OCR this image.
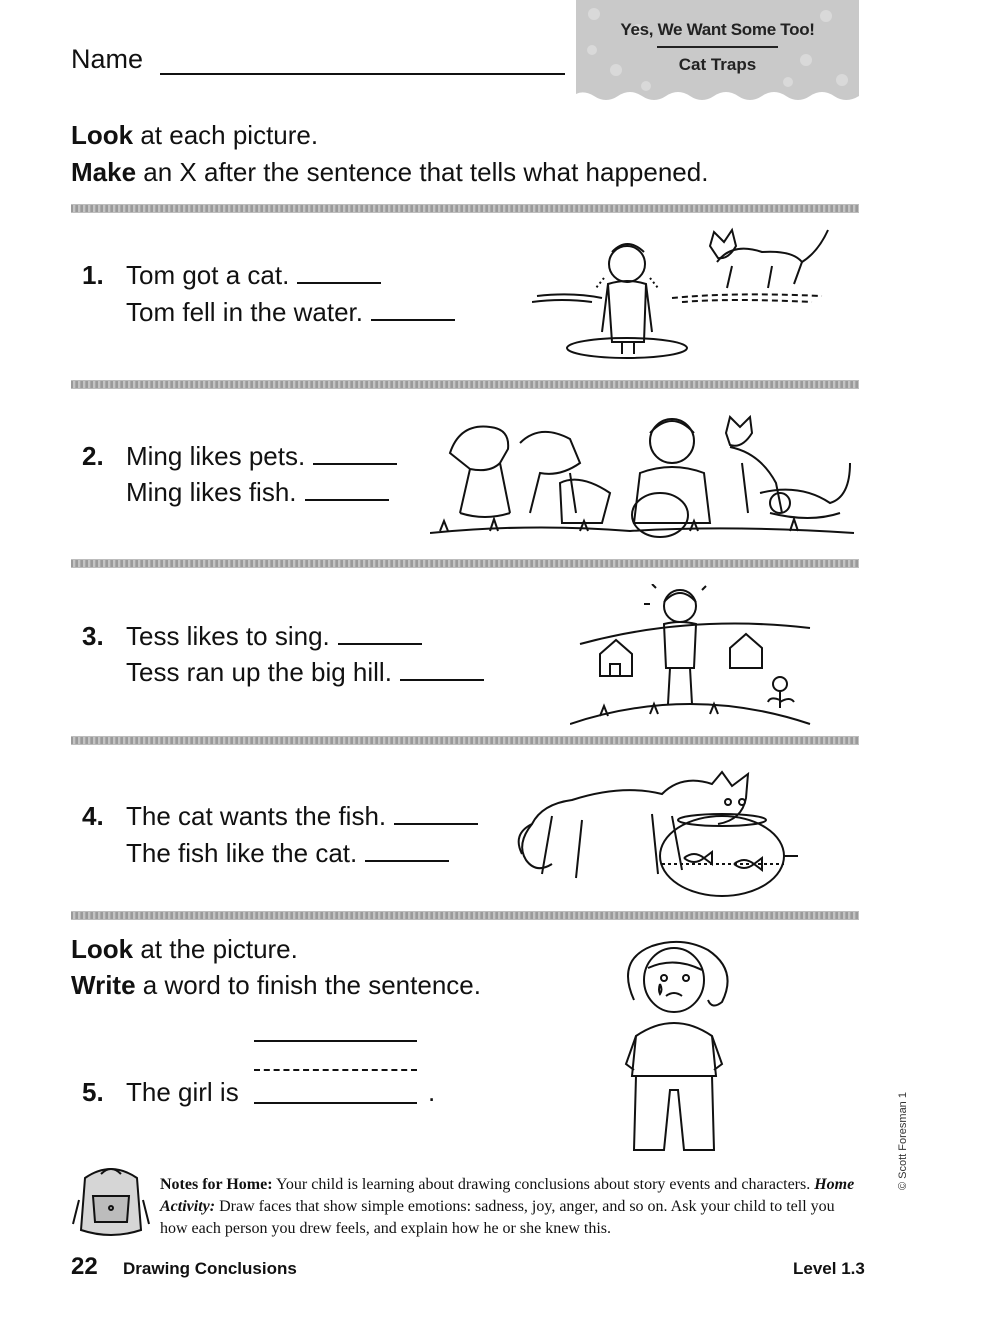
Name
Yes, We Want Some Too!
Cat Traps
Look at each picture.
Make an X after the sentence that tells what happened.
1. Tom got a cat.
Tom fell in the water.
2. Ming likes pets.
Ming likes fish.
3. Tess likes to sing.
Tess ran up the big hill.
4. The cat wants the fish.
The fish like the cat.
Look at the picture.
Write a word to finish the sentence.
5. The girl is	.
Notes for Home: Your child is learning about drawing conclusions about story events and characters. Home Activity: Draw faces that show simple emotions: sadness, joy, anger, and so on. Ask your child to tell you how each person you drew feels, and explain how he or she knew this.
22 Drawing Conclusions	Level 1.3
© Scott Foresman 1
